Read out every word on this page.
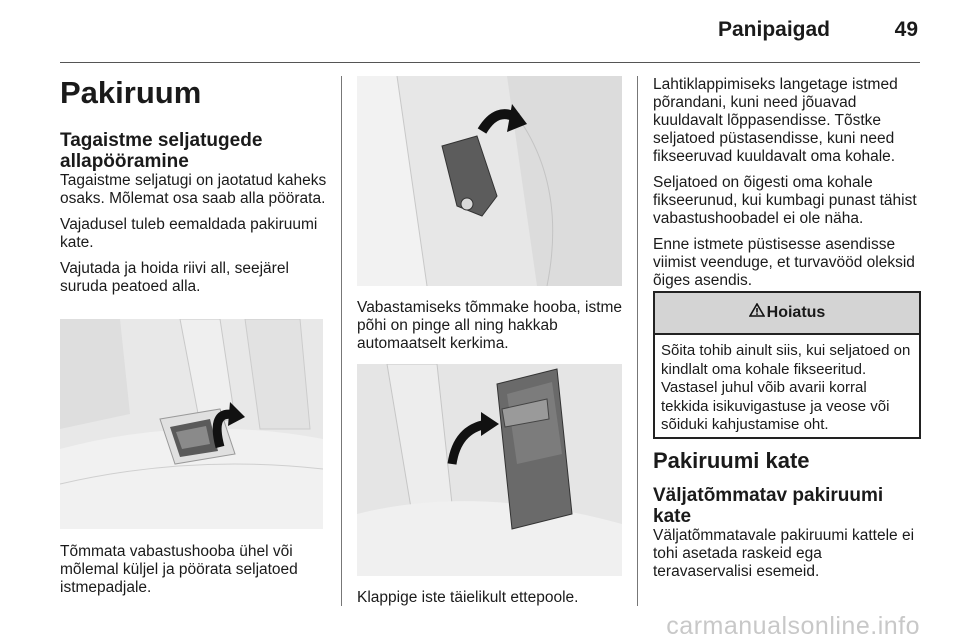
Panipaigad	49
Pakiruum
Tagaistme seljatugede allapööramine

Tagaistme seljatugi on jaotatud kaheks osaks. Mõlemat osa saab alla pöörata.

Vajadusel tuleb eemaldada pakiruumi kate.

Vajutada ja hoida riivi all, seejärel suruda peatoed alla.

Tõmmata vabastushooba ühel või mõlemal küljel ja pöörata seljatoed istmepadjale.

Vabastamiseks tõmmake hooba, istme põhi on pinge all ning hakkab automaatselt kerkima.

Klappige iste täielikult ettepoole.

Lahtiklappimiseks langetage istmed põrandani, kuni need jõuavad kuuldavalt lõppasendisse. Tõstke seljatoed püstasendisse, kuni need fikseeruvad kuuldavalt oma kohale.

Seljatoed on õigesti oma kohale fikseerunud, kui kumbagi punast tähist vabastushoobadel ei ole näha.

Enne istmete püstisesse asendisse viimist veenduge, et turvavööd oleksid õiges asendis.

Hoiatus
Sõita tohib ainult siis, kui seljatoed on kindlalt oma kohale fikseeritud. Vastasel juhul võib avarii korral tekkida isikuvigastuse ja veose või sõiduki kahjustamise oht.
Pakiruumi kate
Väljatõmmatav pakiruumi kate

Väljatõmmatavale pakiruumi kattele ei tohi asetada raskeid ega teravaservalisi esemeid.

carmanualsonline.info
